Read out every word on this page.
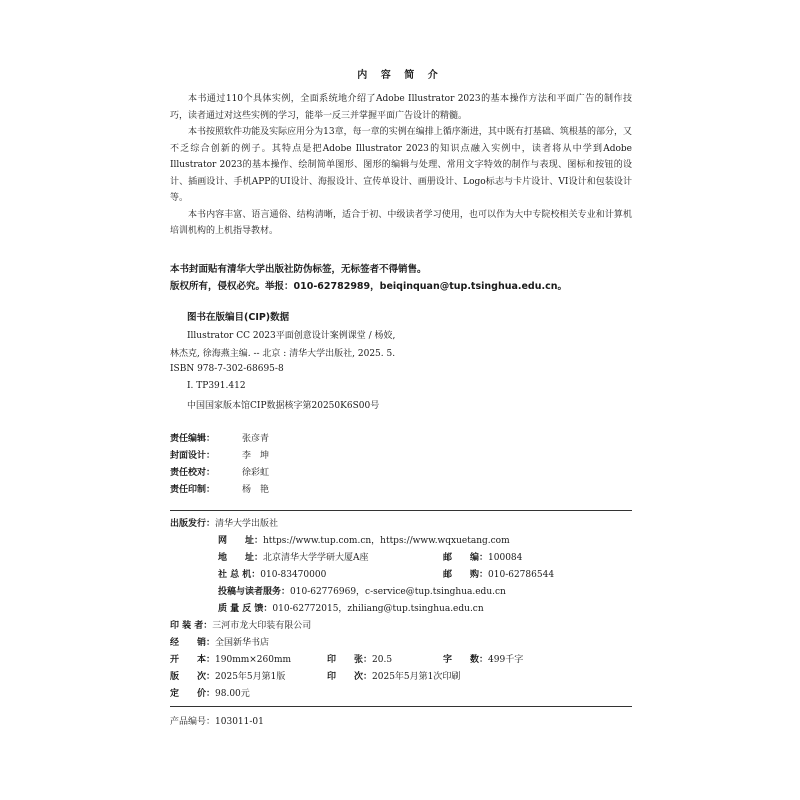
内 容 简 介

本书通过110个具体实例，全面系统地介绍了Adobe Illustrator 2023的基本操作方法和平面广告的制作技巧，读者通过对这些实例的学习，能举一反三并掌握平面广告设计的精髓。

本书按照软件功能及实际应用分为13章，每一章的实例在编排上循序渐进，其中既有打基础、筑根基的部分，又不乏综合创新的例子。其特点是把Adobe Illustrator 2023的知识点融入实例中，读者将从中学到Adobe Illustrator 2023的基本操作、绘制简单图形、图形的编辑与处理、常用文字特效的制作与表现、图标和按钮的设计、插画设计、手机APP的UI设计、海报设计、宣传单设计、画册设计、Logo标志与卡片设计、VI设计和包装设计等。

本书内容丰富、语言通俗、结构清晰，适合于初、中级读者学习使用，也可以作为大中专院校相关专业和计算机培训机构的上机指导教材。

本书封面贴有清华大学出版社防伪标签，无标签者不得销售。
版权所有，侵权必究。举报：010-62782989，beiqinquan@tup.tsinghua.edu.cn。
图书在版编目(CIP)数据
Illustrator CC 2023平面创意设计案例课堂 / 杨姣,
林杰克, 徐海燕主编. -- 北京 : 清华大学出版社, 2025. 5.
ISBN 978-7-302-68695-8
Ⅰ. TP391.412
中国国家版本馆CIP数据核字第20250K6S00号
责任编辑：	张彦青
封面设计：	李　坤
责任校对：	徐彩虹
责任印制：	杨　艳
出版发行：清华大学出版社
网　　址：https://www.tup.com.cn，https://www.wqxuetang.com
地　　址：北京清华大学学研大厦A座	邮　　编：100084
社 总 机：010-83470000	邮　　购：010-62786544
投稿与读者服务：010-62776969，c-service@tup.tsinghua.edu.cn
质 量 反 馈：010-62772015，zhiliang@tup.tsinghua.edu.cn
印 装 者：三河市龙大印装有限公司
经　　销：全国新华书店
开　　本：190mm×260mm	印　　张：20.5	字　　数：499千字
版　　次：2025年5月第1版	印　　次：2025年5月第1次印刷
定　　价：98.00元
产品编号：103011-01
